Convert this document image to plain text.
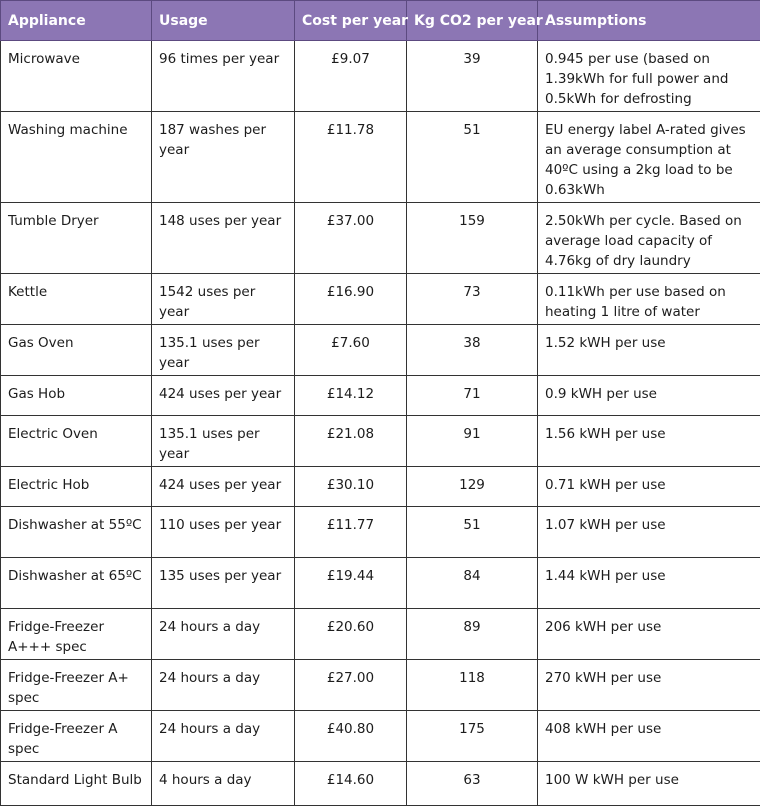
Appliance	Usage	Cost per year	Kg CO2 per year	Assumptions
Microwave	96 times per year	£9.07	39	0.945 per use (based on 1.39kWh for full power and 0.5kWh for defrosting
Washing machine	187 washes per year	£11.78	51	EU energy label A-rated gives an average consumption at 40ºC using a 2kg load to be 0.63kWh
Tumble Dryer	148 uses per year	£37.00	159	2.50kWh per cycle. Based on average load capacity of 4.76kg of dry laundry
Kettle	1542 uses per year	£16.90	73	0.11kWh per use based on heating 1 litre of water
Gas Oven	135.1 uses per year	£7.60	38	1.52 kWH per use
Gas Hob	424 uses per year	£14.12	71	0.9 kWH per use
Electric Oven	135.1 uses per year	£21.08	91	1.56 kWH per use
Electric Hob	424 uses per year	£30.10	129	0.71 kWH per use
Dishwasher at 55ºC	110 uses per year	£11.77	51	1.07 kWH per use
Dishwasher at 65ºC	135 uses per year	£19.44	84	1.44 kWH per use
Fridge-Freezer A+++ spec	24 hours a day	£20.60	89	206 kWH per use
Fridge-Freezer A+ spec	24 hours a day	£27.00	118	270 kWH per use
Fridge-Freezer A spec	24 hours a day	£40.80	175	408 kWH per use
Standard Light Bulb	4 hours a day	£14.60	63	100 W kWH per use
